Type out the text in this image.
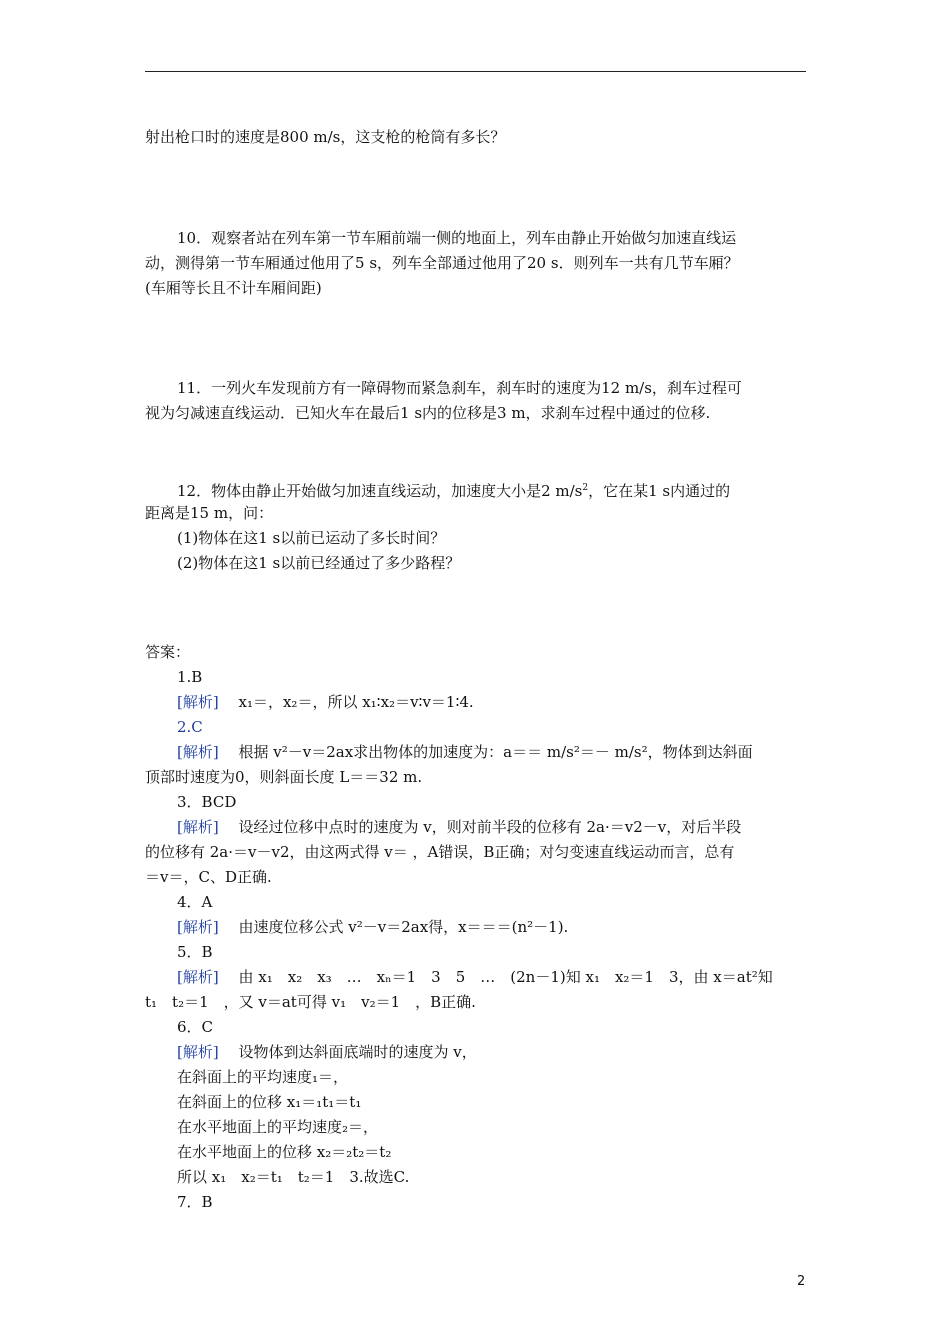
射出枪口时的速度是800 m/s，这支枪的枪筒有多长？
10．观察者站在列车第一节车厢前端一侧的地面上，列车由静止开始做匀加速直线运
动，测得第一节车厢通过他用了5 s，列车全部通过他用了20 s．则列车一共有几节车厢？
(车厢等长且不计车厢间距)
11．一列火车发现前方有一障碍物而紧急刹车，刹车时的速度为12 m/s，刹车过程可
视为匀减速直线运动．已知火车在最后1 s内的位移是3 m，求刹车过程中通过的位移.
12．物体由静止开始做匀加速直线运动，加速度大小是2 $m/s^2$，它在某1 s内通过的
距离是15 m，问：
(1)物体在这1 s以前已运动了多长时间？
(2)物体在这1 s以前已经通过了多少路程？
答案：
1.B
[解析]　 x₁＝，x₂＝，所以 x₁∶x₂＝v∶v＝1∶4.
2.C
[解析]　 根据 v²－v＝2ax求出物体的加速度为：a＝＝ m/s²＝－ m/s²，物体到达斜面
顶部时速度为0，则斜面长度 L＝＝32 m.
3．BCD
[解析]　 设经过位移中点时的速度为 v，则对前半段的位移有 2a·＝v2－v，对后半段
的位移有 2a·＝v－v2，由这两式得 v＝ ，A错误，B正确；对匀变速直线运动而言，总有
＝v＝，C、D正确.
4．A
[解析]　 由速度位移公式 v²－v＝2ax得，x＝＝＝(n²－1).
5．B
[解析]　 由 x₁　x₂　x₃　…　xₙ＝1　3　5　…　(2n－1)知 x₁　x₂＝1　3，由 x＝at²知
t₁　t₂＝1　，又 v＝at可得 v₁　v₂＝1　，B正确.
6．C
[解析]　 设物体到达斜面底端时的速度为 v，
在斜面上的平均速度₁＝，
在斜面上的位移 x₁＝₁t₁＝t₁
在水平地面上的平均速度₂＝，
在水平地面上的位移 x₂＝₂t₂＝t₂
所以 x₁　x₂＝t₁　t₂＝1　3.故选C.
7．B
2
